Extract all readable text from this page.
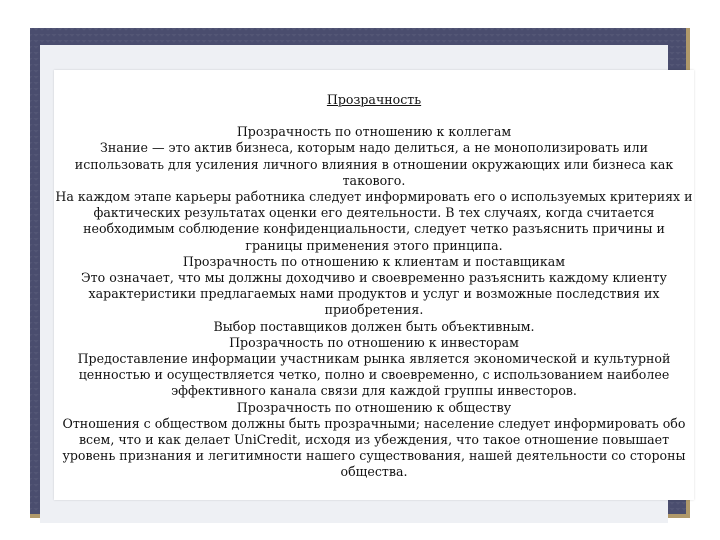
Прозрачность

Прозрачность по отношению к коллегам

Знание — это актив бизнеса, которым надо делиться, а не монополизировать или использовать для усиления личного влияния в отношении окружающих или бизнеса как такового.

На каждом этапе карьеры работника следует информировать его о используемых критериях и фактических результатах оценки его деятельности. В тех случаях, когда считается необходимым соблюдение конфиденциальности, следует четко разъяснить причины и границы применения этого принципа.

Прозрачность по отношению к клиентам и поставщикам

Это означает, что мы должны доходчиво и своевременно разъяснить каждому клиенту характеристики предлагаемых нами продуктов и услуг и возможные последствия их приобретения.

Выбор поставщиков должен быть объективным.

Прозрачность по отношению к инвесторам

Предоставление информации участникам рынка является экономической и культурной ценностью и осуществляется четко, полно и своевременно, с использованием наиболее эффективного канала связи для каждой группы инвесторов.

Прозрачность по отношению к обществу

Отношения с обществом должны быть прозрачными; население следует информировать обо всем, что и как делает UniCredit, исходя из убеждения, что такое отношение повышает уровень признания и легитимности нашего существования, нашей деятельности со стороны общества.
